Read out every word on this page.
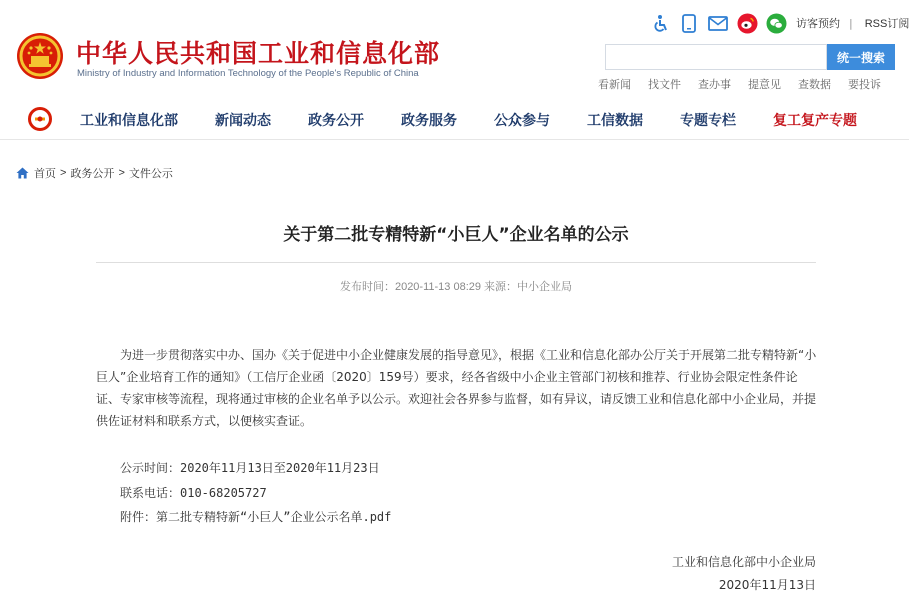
中华人民共和国工业和信息化部
Ministry of Industry and Information Technology of the People's Republic of China
访客预约 | RSS订阅
统一搜索
看新闻 找文件 查办事 提意见 查数据 要投诉
工业和信息化部	新闻动态	政务公开	政务服务	公众参与	工信数据	专题专栏	复工复产专题
首页 > 政务公开 > 文件公示
关于第二批专精特新“小巨人”企业名单的公示
发布时间：2020-11-13 08:29 来源：中小企业局

为进一步贯彻落实中办、国办《关于促进中小企业健康发展的指导意见》，根据《工业和信息化部办公厅关于开展第二批专精特新“小巨人”企业培育工作的通知》（工信厅企业函〔2020〕159号）要求，经各省级中小企业主管部门初核和推荐、行业协会限定性条件论证、专家审核等流程，现将通过审核的企业名单予以公示。欢迎社会各界参与监督，如有异议，请反馈工业和信息化部中小企业局，并提供佐证材料和联系方式，以便核实查证。

公示时间：2020年11月13日至2020年11月23日
联系电话：010-68205727
附件：第二批专精特新“小巨人”企业公示名单.pdf
工业和信息化部中小企业局
2020年11月13日
